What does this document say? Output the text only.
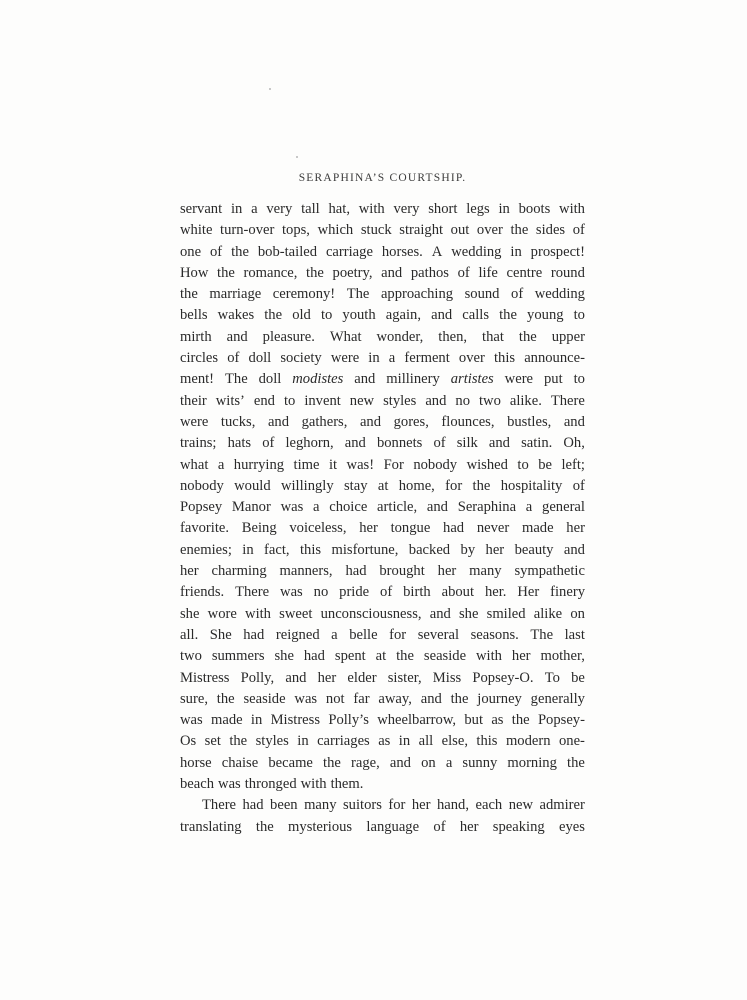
SERAPHINA’S COURTSHIP.
servant in a very tall hat, with very short legs in boots with
white turn-over tops, which stuck straight out over the sides of
one of the bob-tailed carriage horses. A wedding in prospect!
How the romance, the poetry, and pathos of life centre round
the marriage ceremony! The approaching sound of wedding
bells wakes the old to youth again, and calls the young to
mirth and pleasure. What wonder, then, that the upper
circles of doll society were in a ferment over this announce-
ment! The doll modistes and millinery artistes were put to
their wits’ end to invent new styles and no two alike. There
were tucks, and gathers, and gores, flounces, bustles, and
trains; hats of leghorn, and bonnets of silk and satin. Oh,
what a hurrying time it was! For nobody wished to be left;
nobody would willingly stay at home, for the hospitality of
Popsey Manor was a choice article, and Seraphina a general
favorite. Being voiceless, her tongue had never made her
enemies; in fact, this misfortune, backed by her beauty and
her charming manners, had brought her many sympathetic
friends. There was no pride of birth about her. Her finery
she wore with sweet unconsciousness, and she smiled alike on
all. She had reigned a belle for several seasons. The last
two summers she had spent at the seaside with her mother,
Mistress Polly, and her elder sister, Miss Popsey-O. To be
sure, the seaside was not far away, and the journey generally
was made in Mistress Polly’s wheelbarrow, but as the Popsey-
Os set the styles in carriages as in all else, this modern one-
horse chaise became the rage, and on a sunny morning the
beach was thronged with them.
There had been many suitors for her hand, each new admirer
translating the mysterious language of her speaking eyes
